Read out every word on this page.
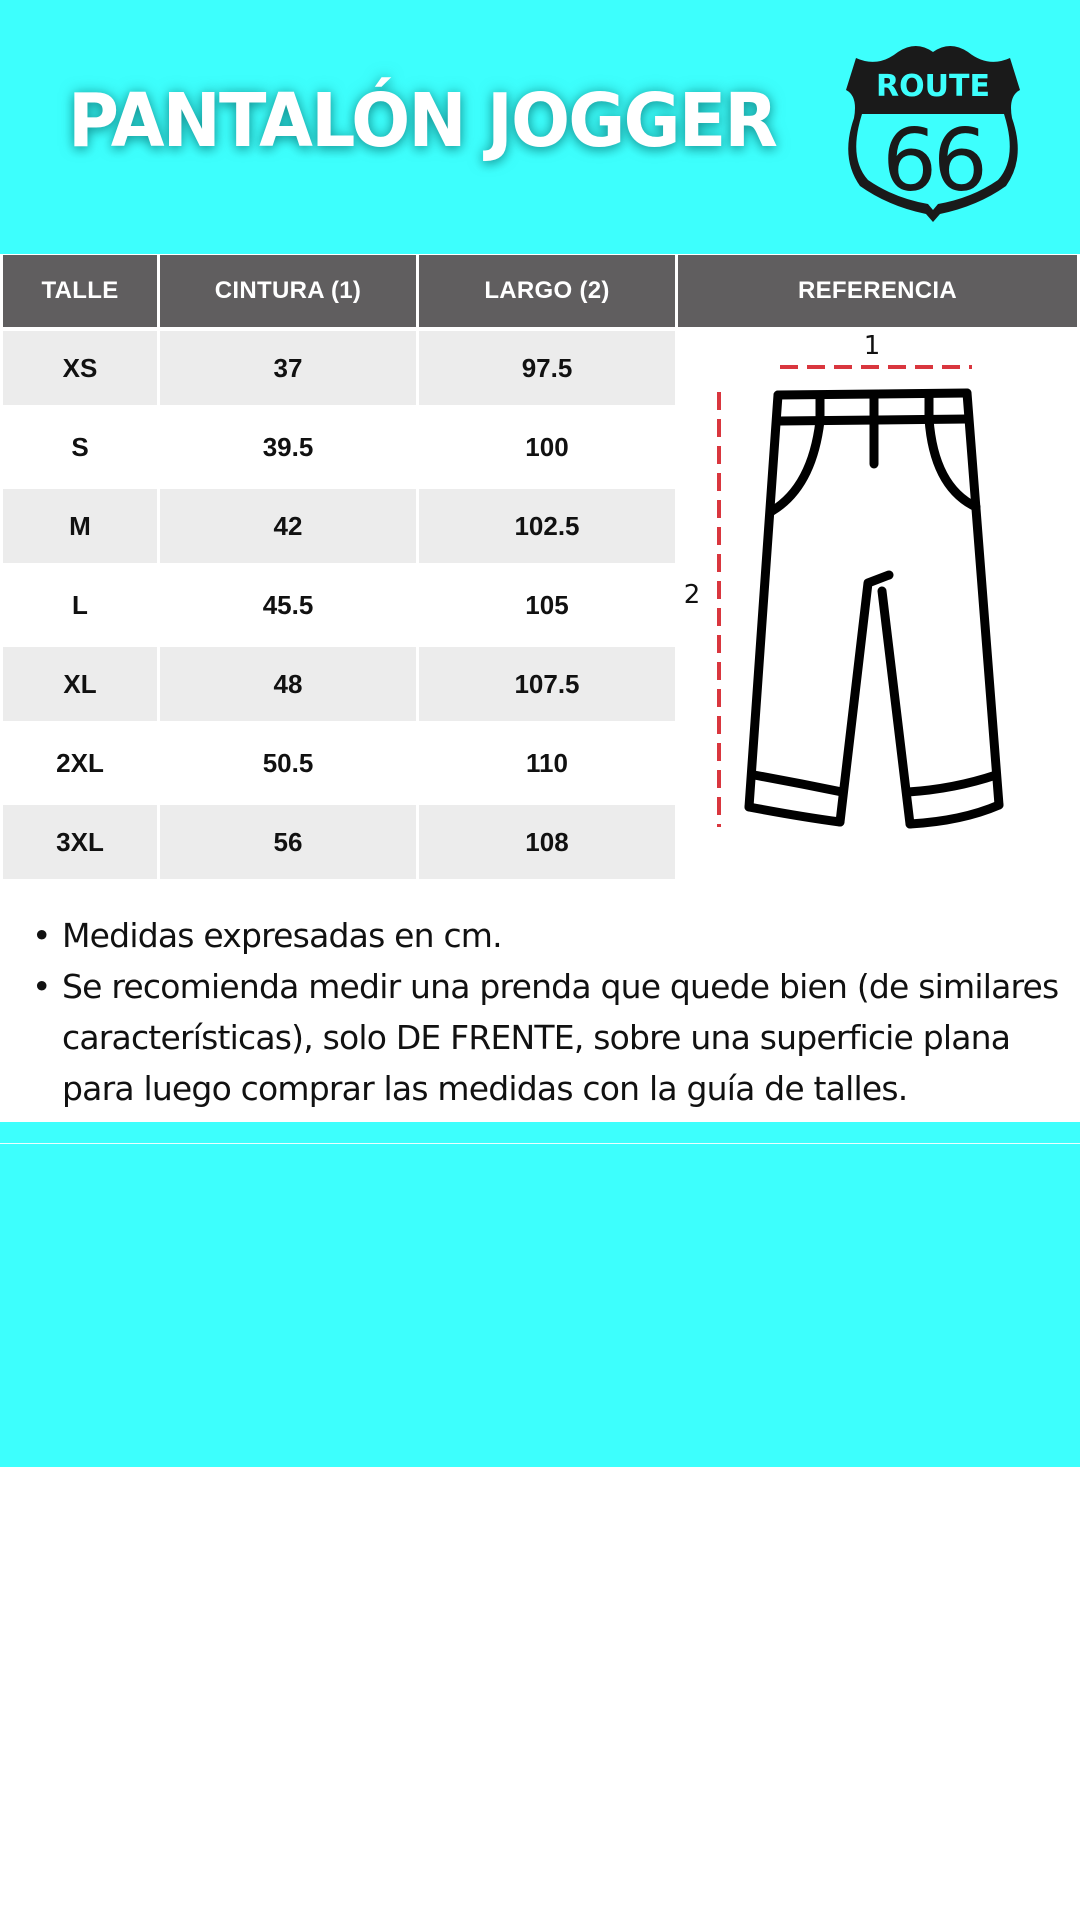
PANTALÓN JOGGER	ROUTE
66
TALLE	CINTURA (1)	LARGO (2)	REFERENCIA
XS	37	97.5
S	39.5	100
M	42	102.5
L	45.5	105
XL	48	107.5
2XL	50.5	110
3XL	56	108
1
2
• Medidas expresadas en cm.
• Se recomienda medir una prenda que quede bien (de similares características), solo DE FRENTE, sobre una superficie plana para luego comprar las medidas con la guía de talles.
